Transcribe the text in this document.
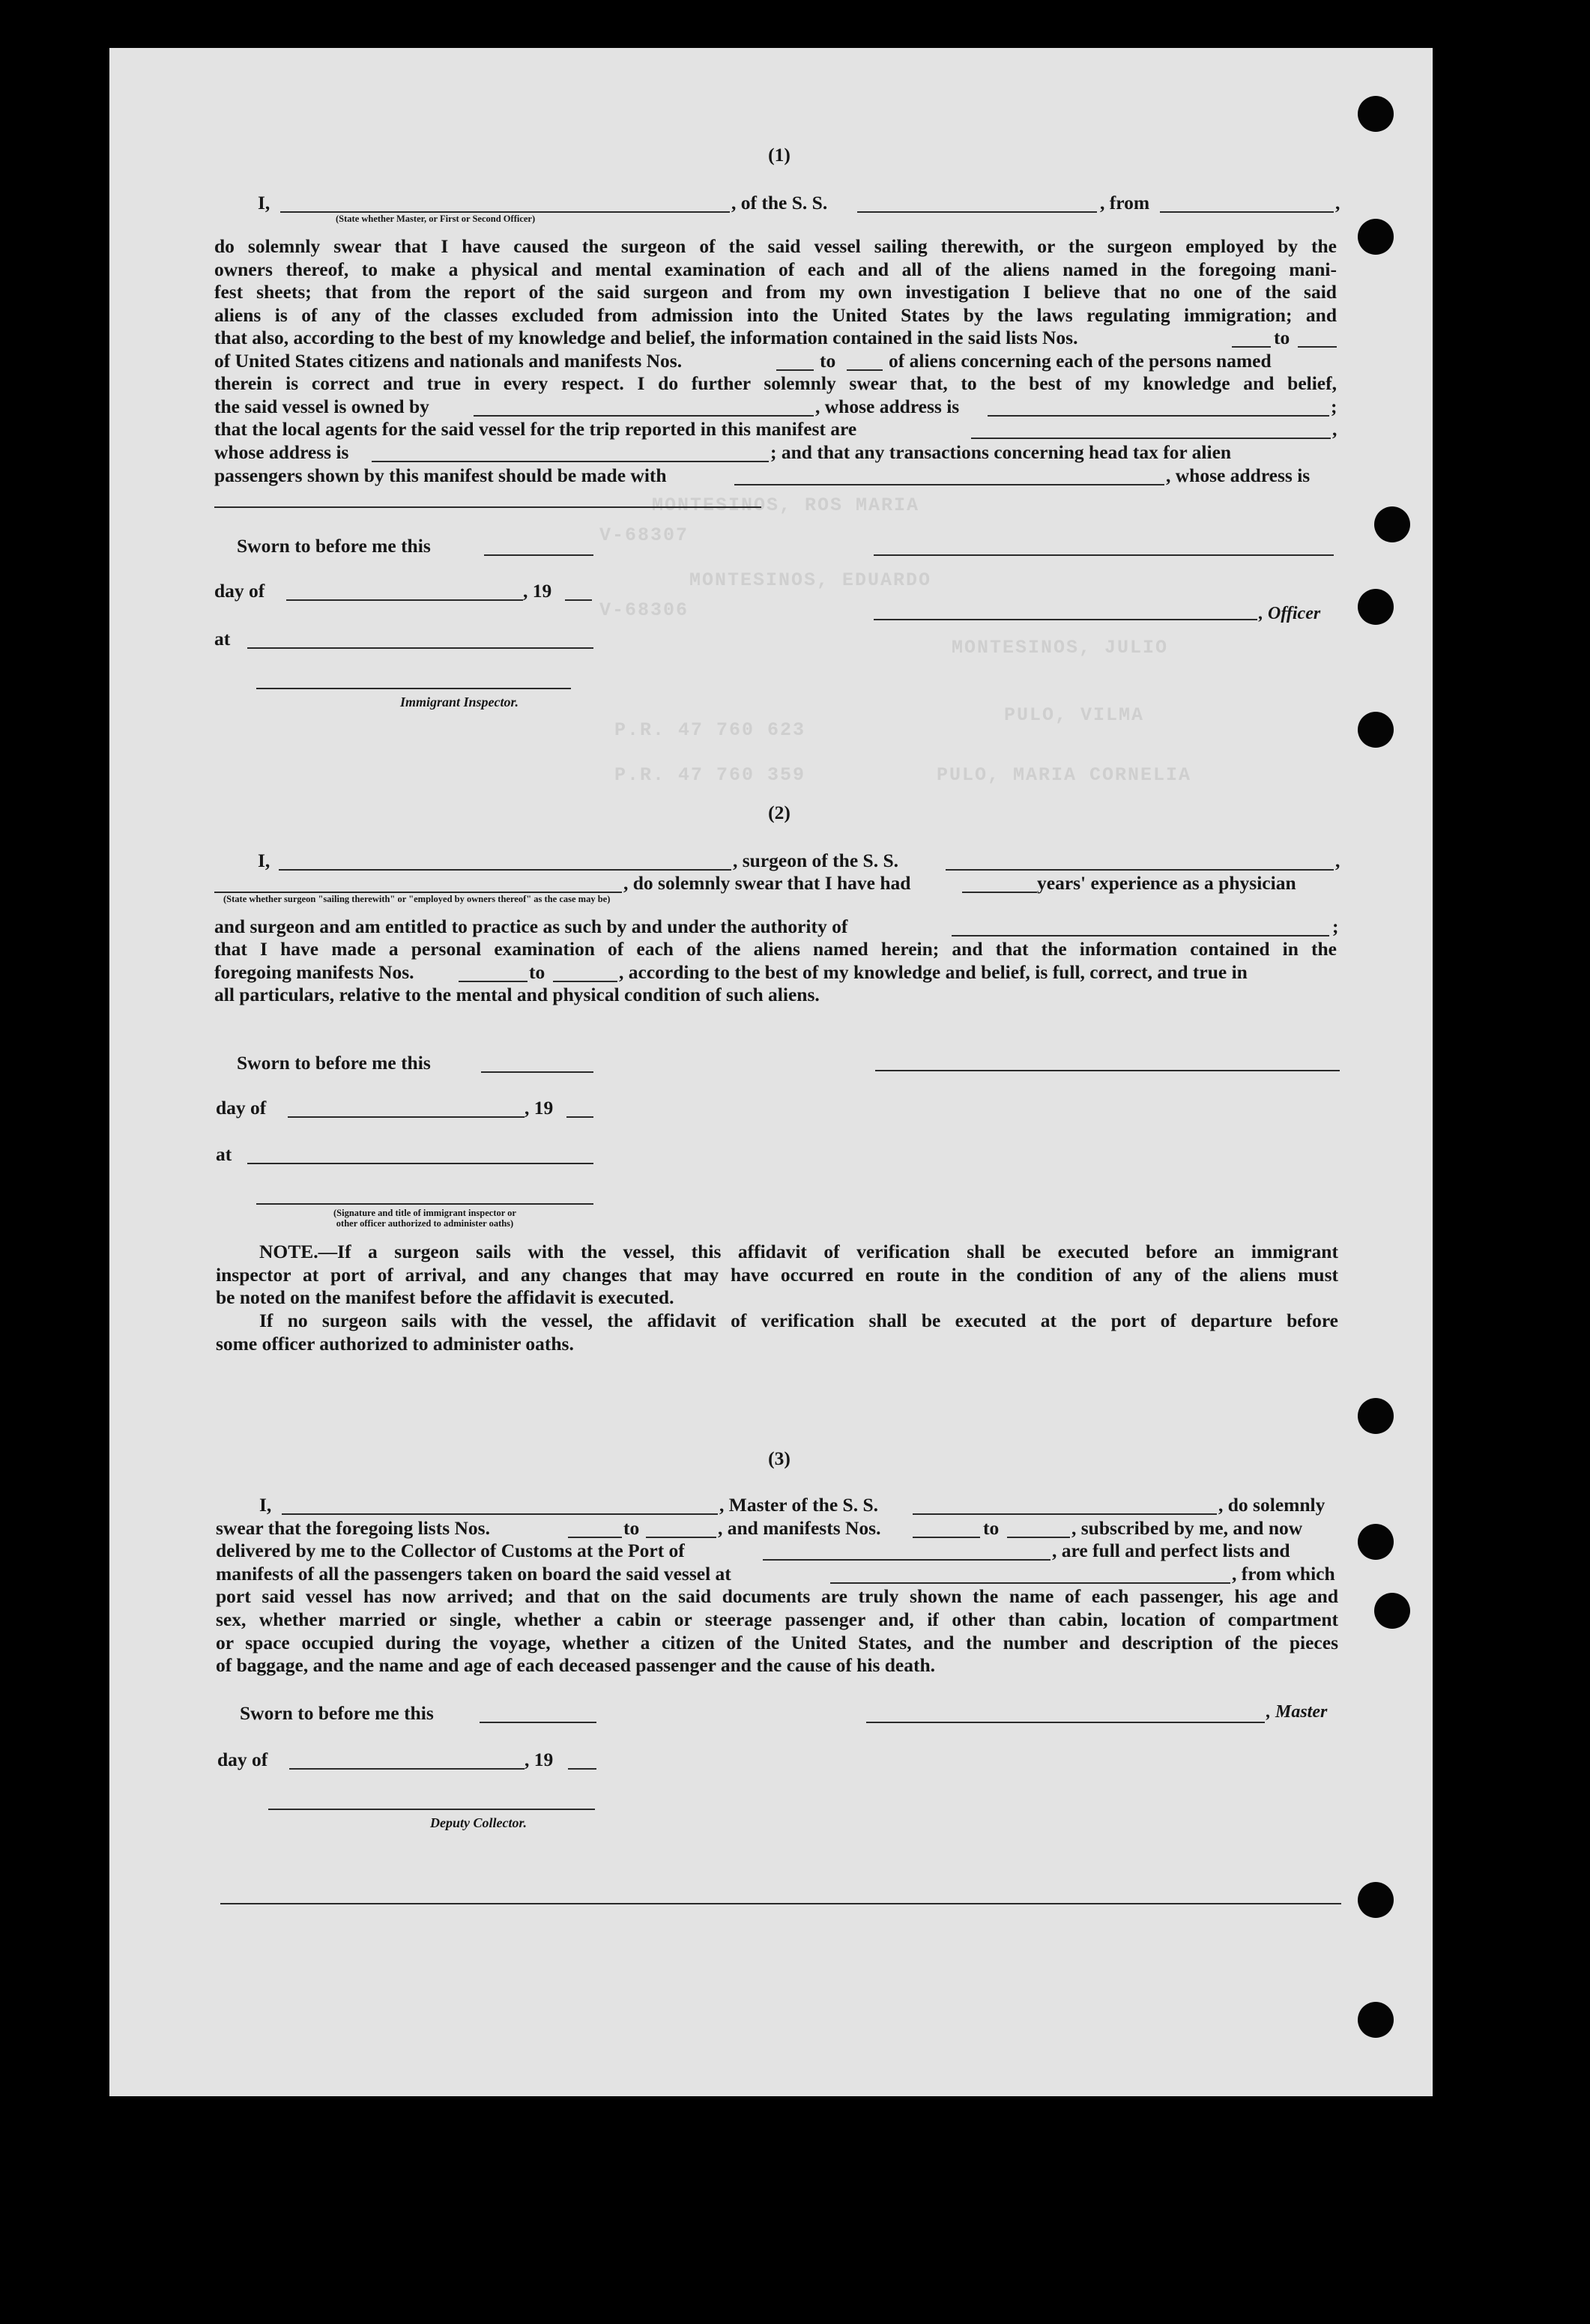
MONTESINOS, ROS MARIA
MONTESINOS, EDUARDO
MONTESINOS, JULIO
PULO, VILMA
PULO, MARIA CORNELIA
V-68307
V-68306
P.R. 47 760 623
P.R. 47 760 359
(1)
I,	, of the S. S.	, from	,
(State whether Master, or First or Second Officer)
do solemnly swear that I have caused the surgeon of the said vessel sailing therewith, or the surgeon employed by the
owners thereof, to make a physical and mental examination of each and all of the aliens named in the foregoing mani-
fest sheets; that from the report of the said surgeon and from my own investigation I believe that no one of the said
aliens is of any of the classes excluded from admission into the United States by the laws regulating immigration; and
that also, according to the best of my knowledge and belief, the information contained in the said lists Nos.	to
of United States citizens and nationals and manifests Nos.	to	of aliens concerning each of the persons named
therein is correct and true in every respect. I do further solemnly swear that, to the best of my knowledge and belief,
the said vessel is owned by	, whose address is	;
that the local agents for the said vessel for the trip reported in this manifest are	,
whose address is	; and that any transactions concerning head tax for alien
passengers shown by this manifest should be made with	, whose address is
Sworn to before me this
day of	, 19
at
Immigrant Inspector.
, Officer
(2)
I,	, surgeon of the S. S.	,
, do solemnly swear that I have had	years' experience as a physician
(State whether surgeon "sailing therewith" or "employed by owners thereof" as the case may be)
and surgeon and am entitled to practice as such by and under the authority of	;
that I have made a personal examination of each of the aliens named herein; and that the information contained in the
foregoing manifests Nos.	to	, according to the best of my knowledge and belief, is full, correct, and true in
all particulars, relative to the mental and physical condition of such aliens.
Sworn to before me this
day of	, 19
at
(Signature and title of immigrant inspector or
other officer authorized to administer oaths)
NOTE.—If a surgeon sails with the vessel, this affidavit of verification shall be executed before an immigrant
inspector at port of arrival, and any changes that may have occurred en route in the condition of any of the aliens must
be noted on the manifest before the affidavit is executed.
If no surgeon sails with the vessel, the affidavit of verification shall be executed at the port of departure before
some officer authorized to administer oaths.
(3)
I,	, Master of the S. S.	, do solemnly
swear that the foregoing lists Nos.	to	, and manifests Nos.	to	, subscribed by me, and now
delivered by me to the Collector of Customs at the Port of	, are full and perfect lists and
manifests of all the passengers taken on board the said vessel at	, from which
port said vessel has now arrived; and that on the said documents are truly shown the name of each passenger, his age and
sex, whether married or single, whether a cabin or steerage passenger and, if other than cabin, location of compartment
or space occupied during the voyage, whether a citizen of the United States, and the number and description of the pieces
of baggage, and the name and age of each deceased passenger and the cause of his death.
Sworn to before me this	, Master
day of	, 19
Deputy Collector.
